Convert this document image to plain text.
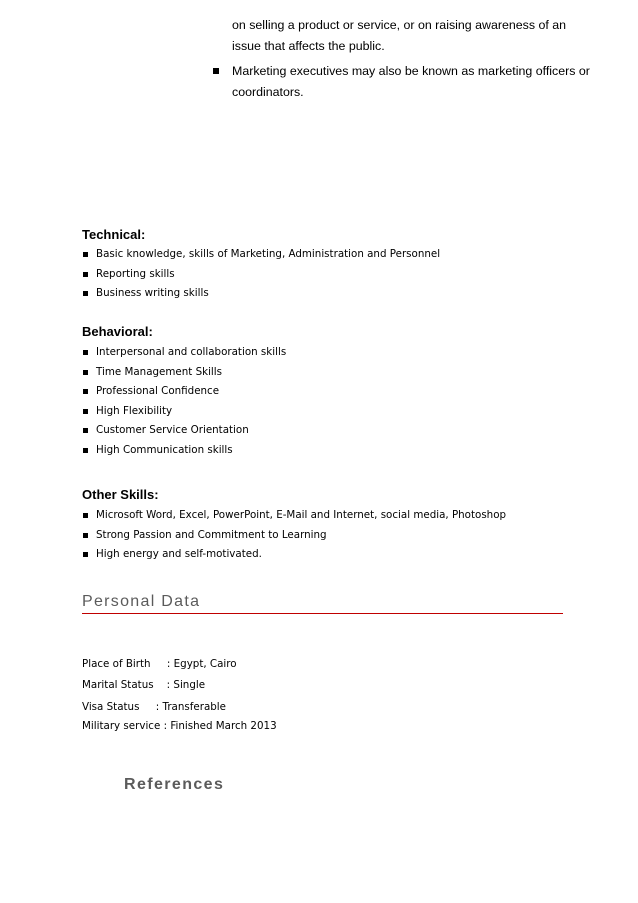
on selling a product or service, or on raising awareness of an
issue that affects the public.
Marketing executives may also be known as marketing officers or
coordinators.
Technical:
Basic knowledge, skills of Marketing, Administration and Personnel
Reporting skills
Business writing skills
Behavioral:
Interpersonal and collaboration skills
Time Management Skills
Professional Confidence
High Flexibility
Customer Service Orientation
High Communication skills
Other Skills:
Microsoft Word, Excel, PowerPoint, E-Mail and Internet, social media, Photoshop
Strong Passion and Commitment to Learning
High energy and self-motivated.
Personal Data
Place of Birth     : Egypt, Cairo
Marital Status    : Single
Visa Status     : Transferable
Military service : Finished March 2013
References
